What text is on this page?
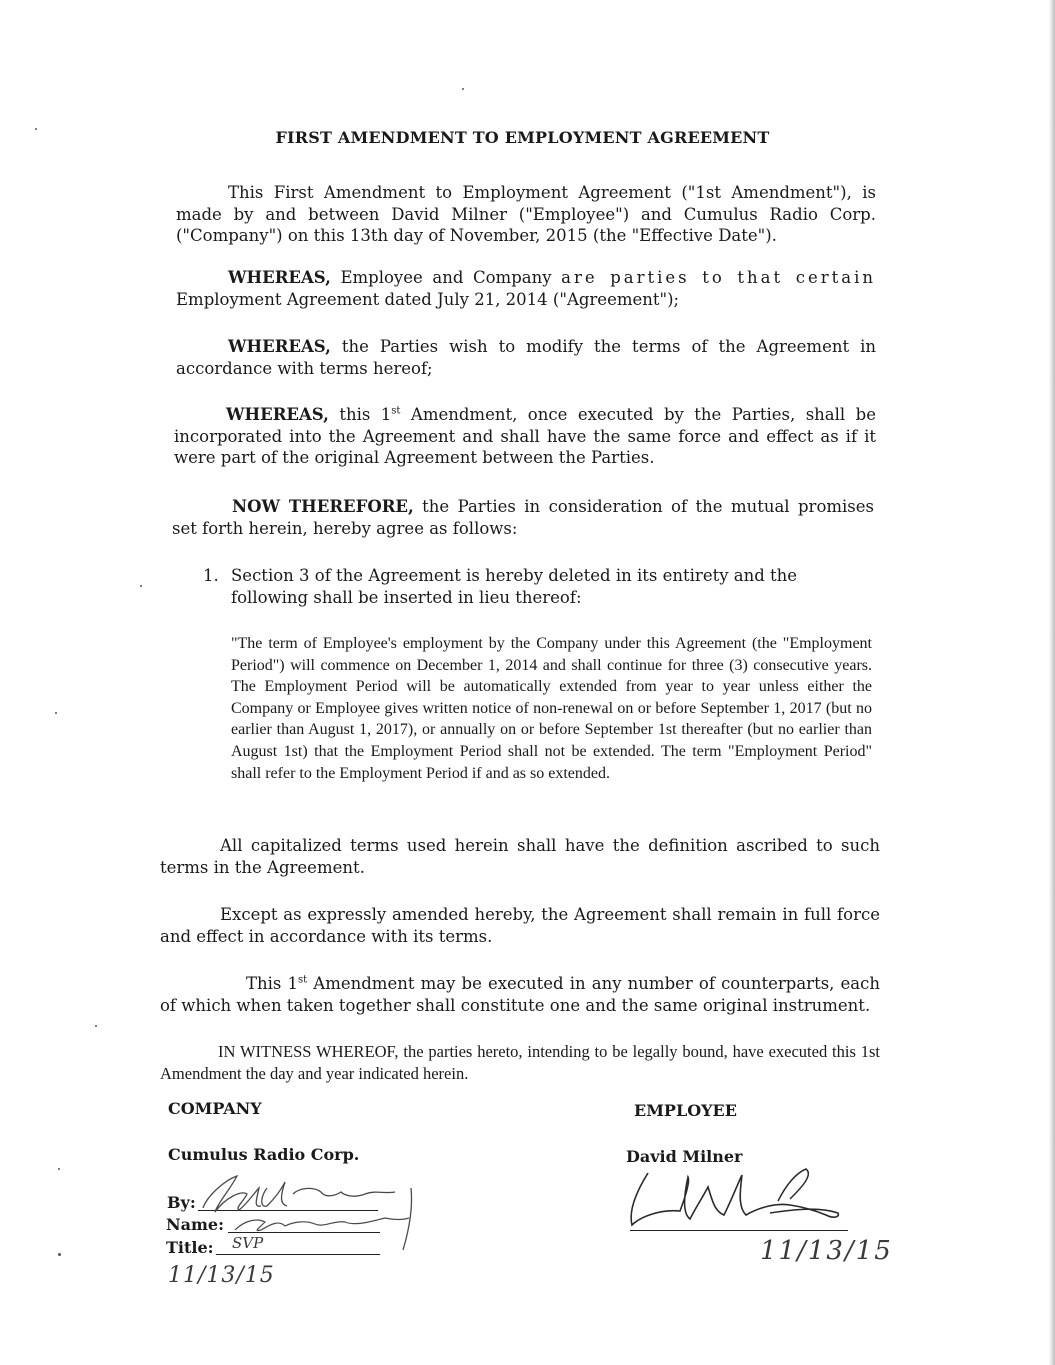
FIRST AMENDMENT TO EMPLOYMENT AGREEMENT
This First Amendment to Employment Agreement ("1st Amendment"), is made by and between David Milner ("Employee") and Cumulus Radio Corp. ("Company") on this 13th day of November, 2015 (the "Effective Date").
WHEREAS, Employee and Company are parties to that certain Employment Agreement dated July 21, 2014 ("Agreement");
WHEREAS, the Parties wish to modify the terms of the Agreement in accordance with terms hereof;
WHEREAS, this 1st Amendment, once executed by the Parties, shall be incorporated into the Agreement and shall have the same force and effect as if it were part of the original Agreement between the Parties.
NOW THEREFORE, the Parties in consideration of the mutual promises set forth herein, hereby agree as follows:
1. Section 3 of the Agreement is hereby deleted in its entirety and the following shall be inserted in lieu thereof:
"The term of Employee's employment by the Company under this Agreement (the "Employment Period") will commence on December 1, 2014 and shall continue for three (3) consecutive years. The Employment Period will be automatically extended from year to year unless either the Company or Employee gives written notice of non-renewal on or before September 1, 2017 (but no earlier than August 1, 2017), or annually on or before September 1st thereafter (but no earlier than August 1st) that the Employment Period shall not be extended. The term "Employment Period" shall refer to the Employment Period if and as so extended.
All capitalized terms used herein shall have the definition ascribed to such terms in the Agreement.
Except as expressly amended hereby, the Agreement shall remain in full force and effect in accordance with its terms.
This 1st Amendment may be executed in any number of counterparts, each of which when taken together shall constitute one and the same original instrument.
IN WITNESS WHEREOF, the parties hereto, intending to be legally bound, have executed this 1st Amendment the day and year indicated herein.
COMPANY
Cumulus Radio Corp.
By:
Name:
Title: SVP
11/13/15
EMPLOYEE
David Milner
11/13/15
